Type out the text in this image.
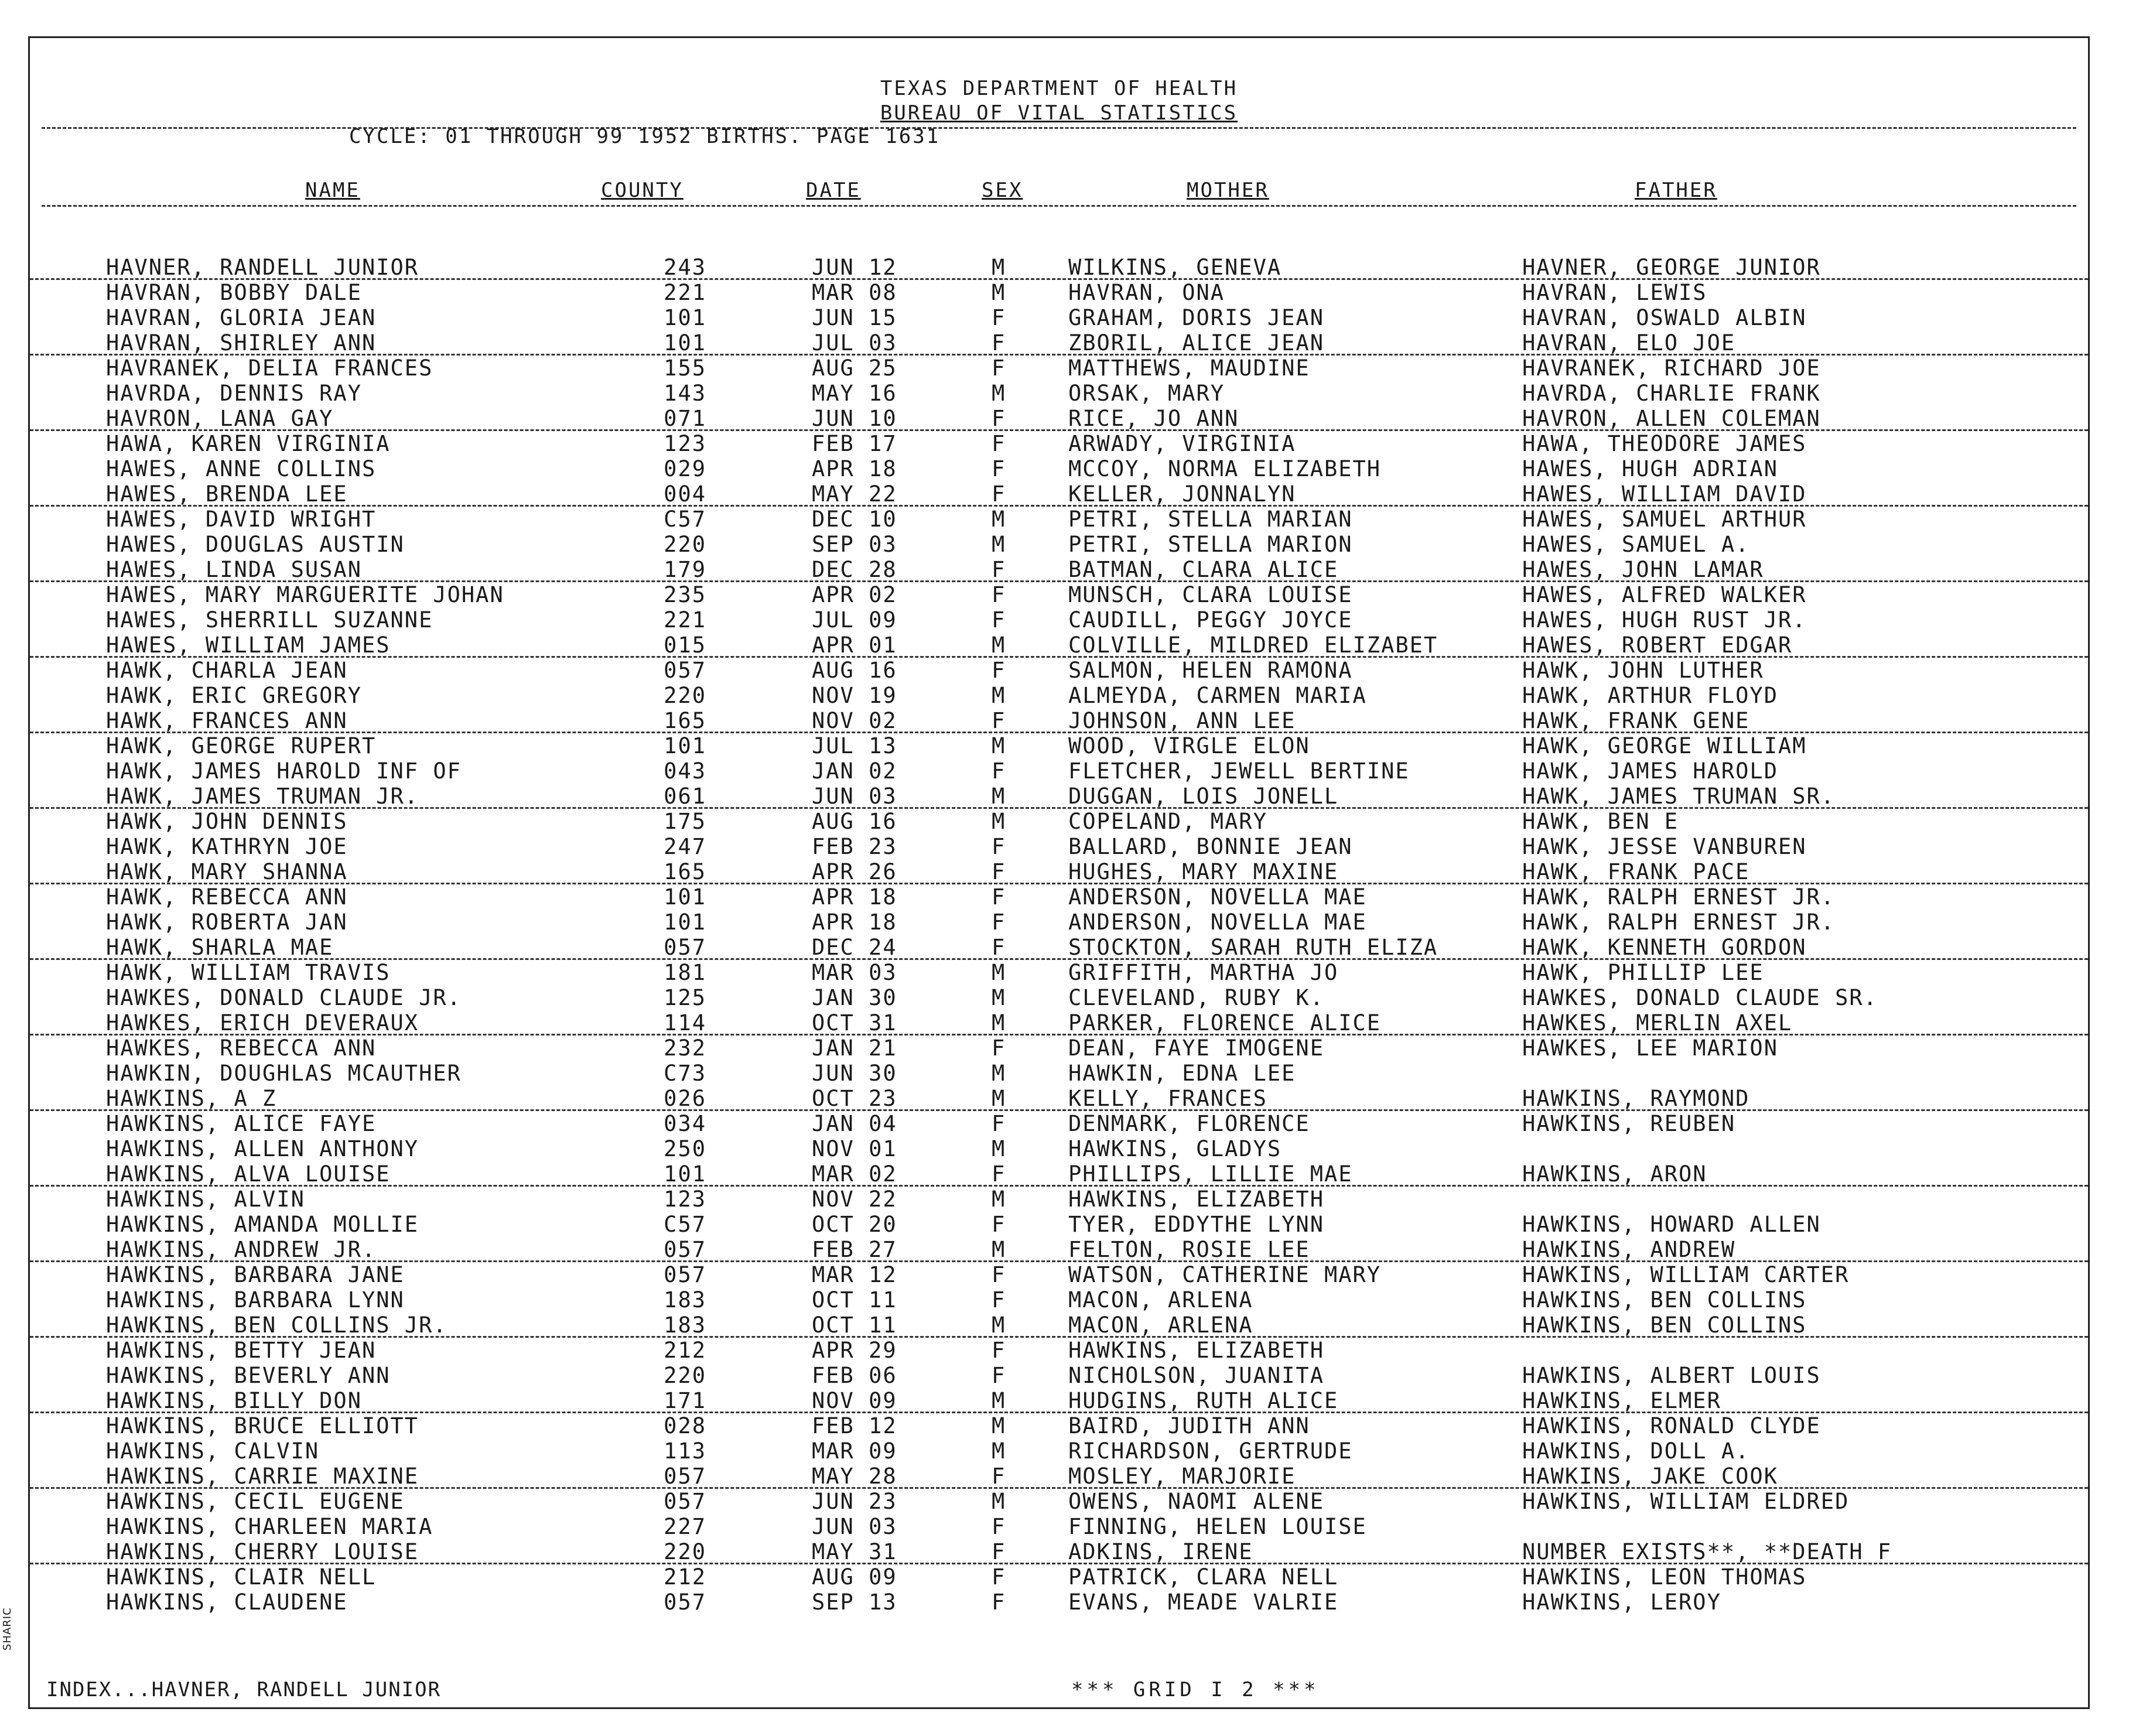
TEXAS DEPARTMENT OF HEALTH
BUREAU OF VITAL STATISTICS
CYCLE: 01 THROUGH 99 1952 BIRTHS. PAGE 1631
NAME	COUNTY	DATE	SEX	MOTHER	FATHER
HAVNER, RANDELL JUNIOR	243	JUN 12	M	WILKINS, GENEVA	HAVNER, GEORGE JUNIOR
HAVRAN, BOBBY DALE	221	MAR 08	M	HAVRAN, ONA	HAVRAN, LEWIS
HAVRAN, GLORIA JEAN	101	JUN 15	F	GRAHAM, DORIS JEAN	HAVRAN, OSWALD ALBIN
HAVRAN, SHIRLEY ANN	101	JUL 03	F	ZBORIL, ALICE JEAN	HAVRAN, ELO JOE
HAVRANEK, DELIA FRANCES	155	AUG 25	F	MATTHEWS, MAUDINE	HAVRANEK, RICHARD JOE
HAVRDA, DENNIS RAY	143	MAY 16	M	ORSAK, MARY	HAVRDA, CHARLIE FRANK
HAVRON, LANA GAY	071	JUN 10	F	RICE, JO ANN	HAVRON, ALLEN COLEMAN
HAWA, KAREN VIRGINIA	123	FEB 17	F	ARWADY, VIRGINIA	HAWA, THEODORE JAMES
HAWES, ANNE COLLINS	029	APR 18	F	MCCOY, NORMA ELIZABETH	HAWES, HUGH ADRIAN
HAWES, BRENDA LEE	004	MAY 22	F	KELLER, JONNALYN	HAWES, WILLIAM DAVID
HAWES, DAVID WRIGHT	C57	DEC 10	M	PETRI, STELLA MARIAN	HAWES, SAMUEL ARTHUR
HAWES, DOUGLAS AUSTIN	220	SEP 03	M	PETRI, STELLA MARION	HAWES, SAMUEL A.
HAWES, LINDA SUSAN	179	DEC 28	F	BATMAN, CLARA ALICE	HAWES, JOHN LAMAR
HAWES, MARY MARGUERITE JOHAN	235	APR 02	F	MUNSCH, CLARA LOUISE	HAWES, ALFRED WALKER
HAWES, SHERRILL SUZANNE	221	JUL 09	F	CAUDILL, PEGGY JOYCE	HAWES, HUGH RUST JR.
HAWES, WILLIAM JAMES	015	APR 01	M	COLVILLE, MILDRED ELIZABET	HAWES, ROBERT EDGAR
HAWK, CHARLA JEAN	057	AUG 16	F	SALMON, HELEN RAMONA	HAWK, JOHN LUTHER
HAWK, ERIC GREGORY	220	NOV 19	M	ALMEYDA, CARMEN MARIA	HAWK, ARTHUR FLOYD
HAWK, FRANCES ANN	165	NOV 02	F	JOHNSON, ANN LEE	HAWK, FRANK GENE
HAWK, GEORGE RUPERT	101	JUL 13	M	WOOD, VIRGLE ELON	HAWK, GEORGE WILLIAM
HAWK, JAMES HAROLD INF OF	043	JAN 02	F	FLETCHER, JEWELL BERTINE	HAWK, JAMES HAROLD
HAWK, JAMES TRUMAN JR.	061	JUN 03	M	DUGGAN, LOIS JONELL	HAWK, JAMES TRUMAN SR.
HAWK, JOHN DENNIS	175	AUG 16	M	COPELAND, MARY	HAWK, BEN E
HAWK, KATHRYN JOE	247	FEB 23	F	BALLARD, BONNIE JEAN	HAWK, JESSE VANBUREN
HAWK, MARY SHANNA	165	APR 26	F	HUGHES, MARY MAXINE	HAWK, FRANK PACE
HAWK, REBECCA ANN	101	APR 18	F	ANDERSON, NOVELLA MAE	HAWK, RALPH ERNEST JR.
HAWK, ROBERTA JAN	101	APR 18	F	ANDERSON, NOVELLA MAE	HAWK, RALPH ERNEST JR.
HAWK, SHARLA MAE	057	DEC 24	F	STOCKTON, SARAH RUTH ELIZA	HAWK, KENNETH GORDON
HAWK, WILLIAM TRAVIS	181	MAR 03	M	GRIFFITH, MARTHA JO	HAWK, PHILLIP LEE
HAWKES, DONALD CLAUDE JR.	125	JAN 30	M	CLEVELAND, RUBY K.	HAWKES, DONALD CLAUDE SR.
HAWKES, ERICH DEVERAUX	114	OCT 31	M	PARKER, FLORENCE ALICE	HAWKES, MERLIN AXEL
HAWKES, REBECCA ANN	232	JAN 21	F	DEAN, FAYE IMOGENE	HAWKES, LEE MARION
HAWKIN, DOUGHLAS MCAUTHER	C73	JUN 30	M	HAWKIN, EDNA LEE
HAWKINS, A Z	026	OCT 23	M	KELLY, FRANCES	HAWKINS, RAYMOND
HAWKINS, ALICE FAYE	034	JAN 04	F	DENMARK, FLORENCE	HAWKINS, REUBEN
HAWKINS, ALLEN ANTHONY	250	NOV 01	M	HAWKINS, GLADYS
HAWKINS, ALVA LOUISE	101	MAR 02	F	PHILLIPS, LILLIE MAE	HAWKINS, ARON
HAWKINS, ALVIN	123	NOV 22	M	HAWKINS, ELIZABETH
HAWKINS, AMANDA MOLLIE	C57	OCT 20	F	TYER, EDDYTHE LYNN	HAWKINS, HOWARD ALLEN
HAWKINS, ANDREW JR.	057	FEB 27	M	FELTON, ROSIE LEE	HAWKINS, ANDREW
HAWKINS, BARBARA JANE	057	MAR 12	F	WATSON, CATHERINE MARY	HAWKINS, WILLIAM CARTER
HAWKINS, BARBARA LYNN	183	OCT 11	F	MACON, ARLENA	HAWKINS, BEN COLLINS
HAWKINS, BEN COLLINS JR.	183	OCT 11	M	MACON, ARLENA	HAWKINS, BEN COLLINS
HAWKINS, BETTY JEAN	212	APR 29	F	HAWKINS, ELIZABETH
HAWKINS, BEVERLY ANN	220	FEB 06	F	NICHOLSON, JUANITA	HAWKINS, ALBERT LOUIS
HAWKINS, BILLY DON	171	NOV 09	M	HUDGINS, RUTH ALICE	HAWKINS, ELMER
HAWKINS, BRUCE ELLIOTT	028	FEB 12	M	BAIRD, JUDITH ANN	HAWKINS, RONALD CLYDE
HAWKINS, CALVIN	113	MAR 09	M	RICHARDSON, GERTRUDE	HAWKINS, DOLL A.
HAWKINS, CARRIE MAXINE	057	MAY 28	F	MOSLEY, MARJORIE	HAWKINS, JAKE COOK
HAWKINS, CECIL EUGENE	057	JUN 23	M	OWENS, NAOMI ALENE	HAWKINS, WILLIAM ELDRED
HAWKINS, CHARLEEN MARIA	227	JUN 03	F	FINNING, HELEN LOUISE
HAWKINS, CHERRY LOUISE	220	MAY 31	F	ADKINS, IRENE	NUMBER EXISTS**, **DEATH F
HAWKINS, CLAIR NELL	212	AUG 09	F	PATRICK, CLARA NELL	HAWKINS, LEON THOMAS
HAWKINS, CLAUDENE	057	SEP 13	F	EVANS, MEADE VALRIE	HAWKINS, LEROY
INDEX...HAVNER, RANDELL JUNIOR	*** GRID I 2 ***
SHARIC
